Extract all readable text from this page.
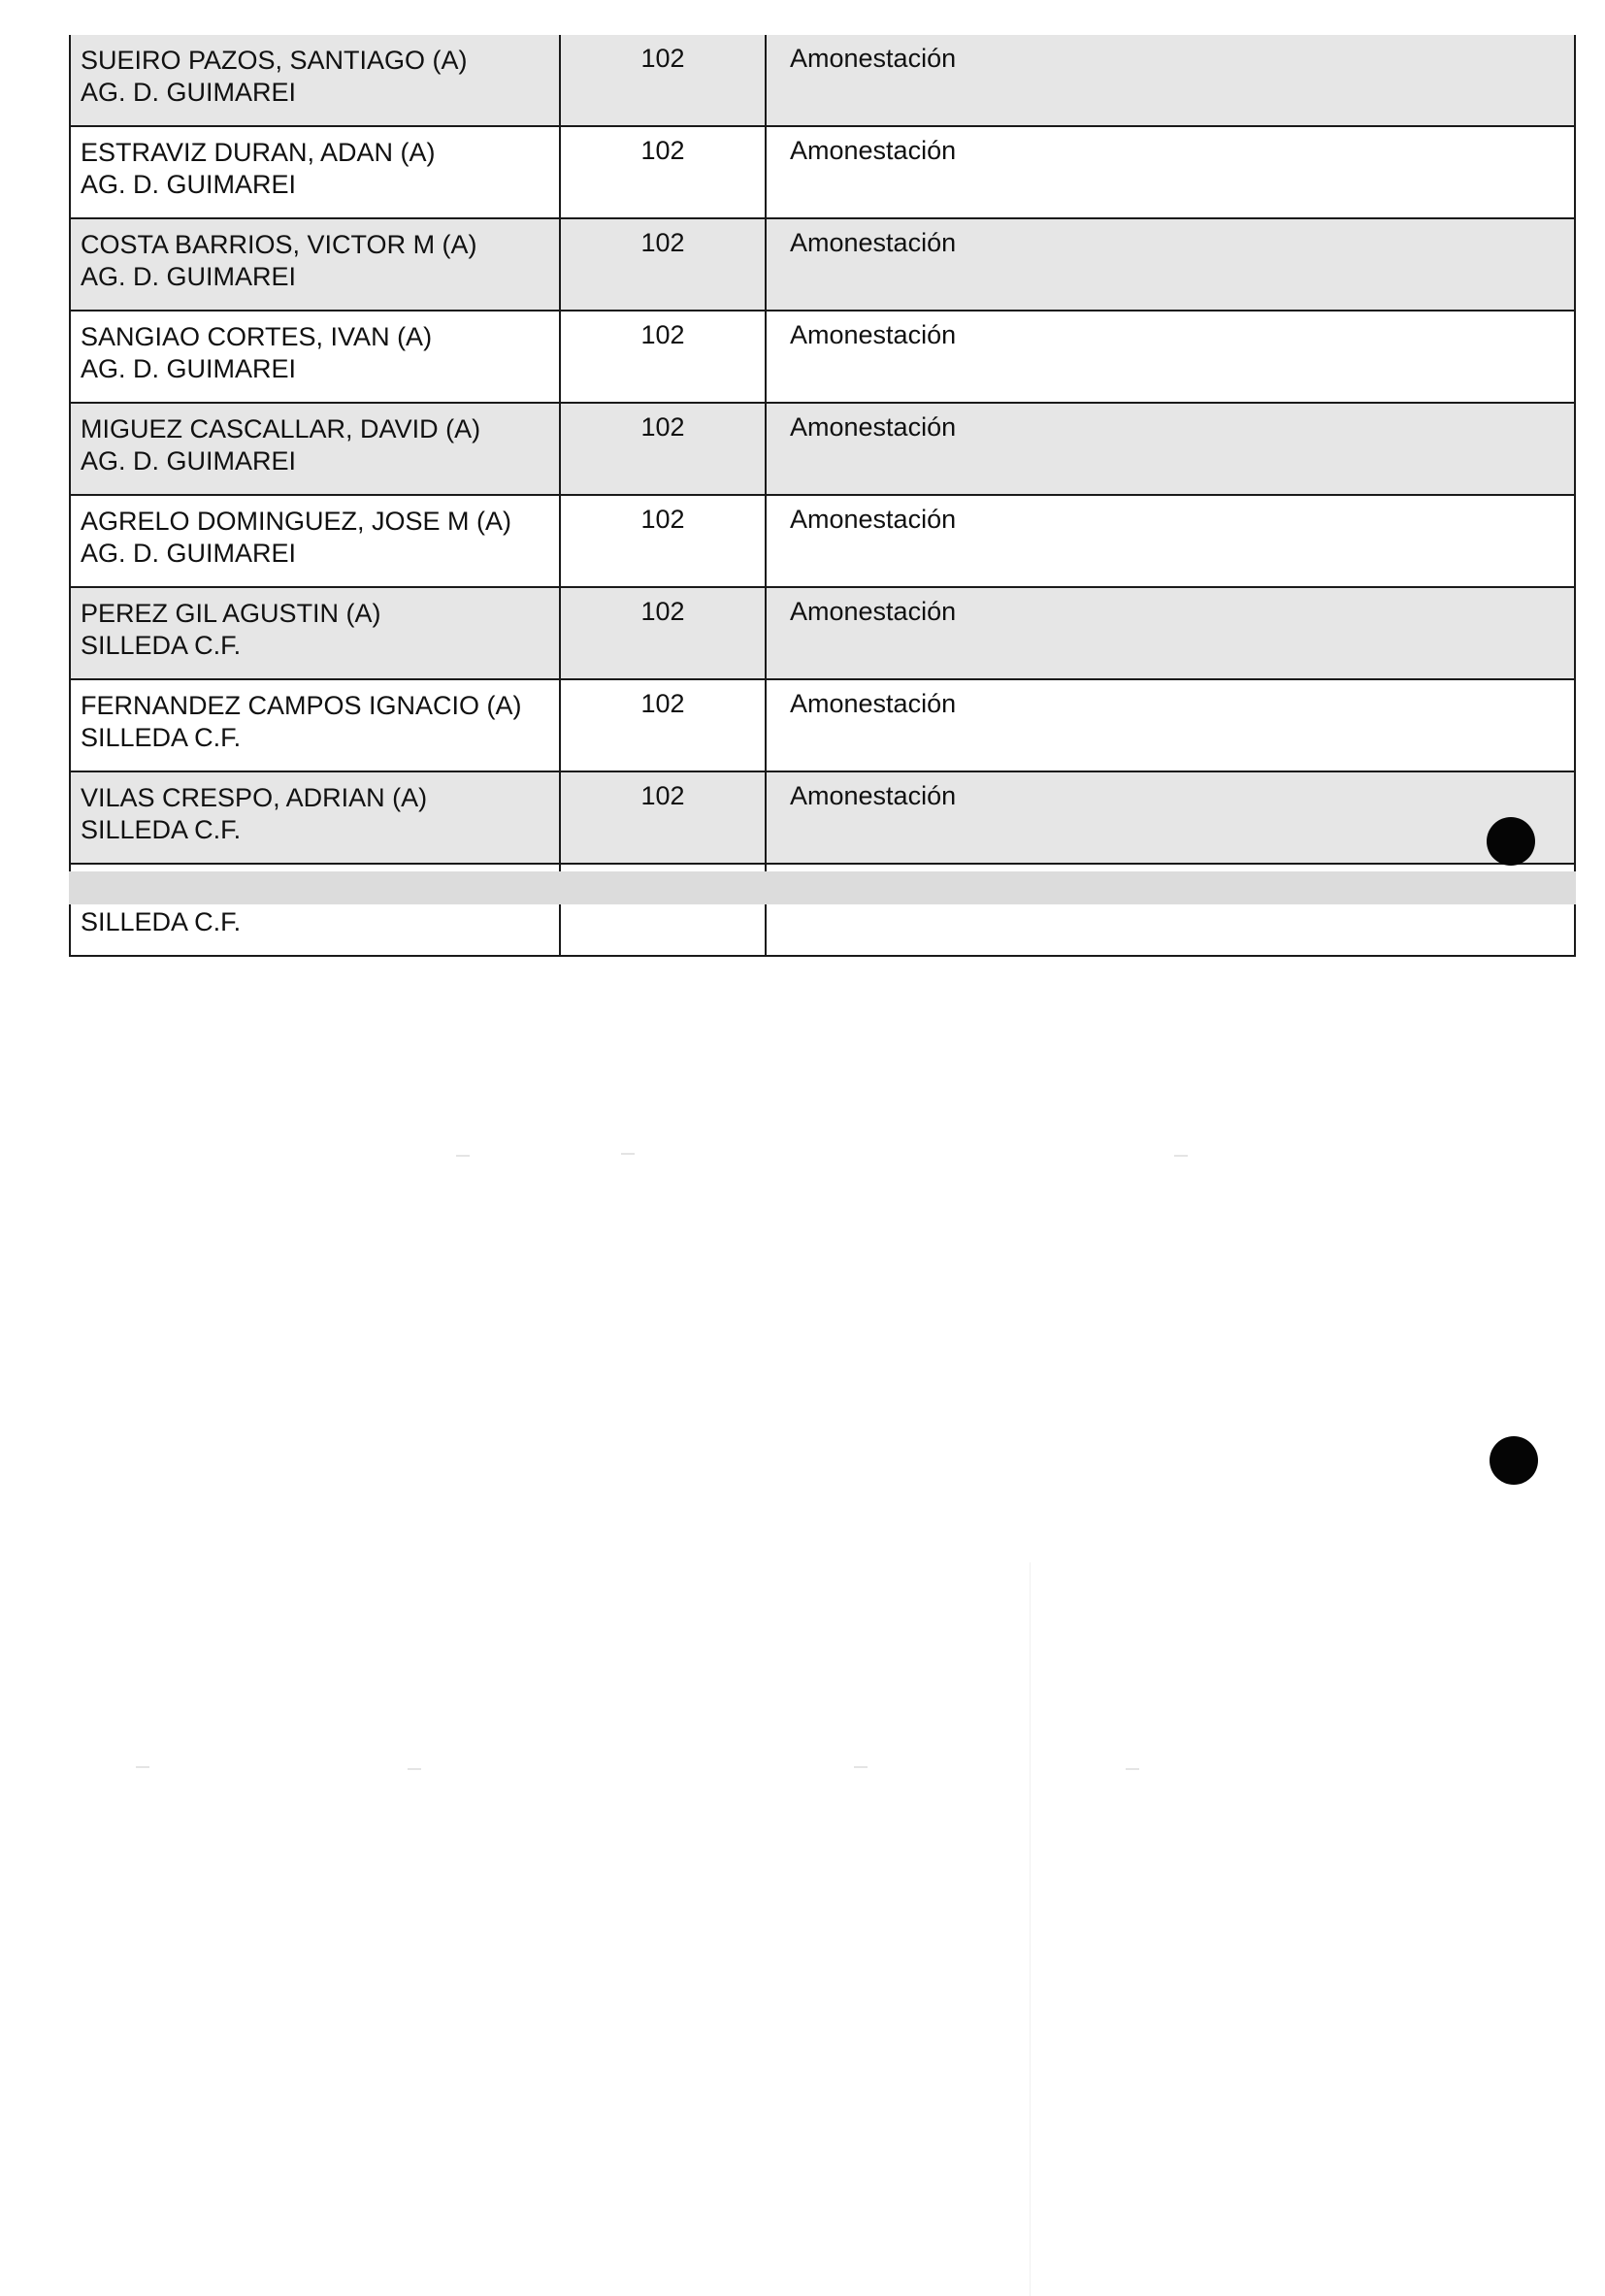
SUEIRO PAZOS, SANTIAGO (A)
AG. D. GUIMAREI	102	Amonestación

ESTRAVIZ DURAN, ADAN (A)
AG. D. GUIMAREI	102	Amonestación

COSTA BARRIOS, VICTOR M (A)
AG. D. GUIMAREI	102	Amonestación

SANGIAO CORTES, IVAN (A)
AG. D. GUIMAREI	102	Amonestación

MIGUEZ CASCALLAR, DAVID (A)
AG. D. GUIMAREI	102	Amonestación

AGRELO DOMINGUEZ, JOSE M (A)
AG. D. GUIMAREI	102	Amonestación

PEREZ GIL AGUSTIN (A)
SILLEDA C.F.	102	Amonestación

FERNANDEZ CAMPOS IGNACIO (A)
SILLEDA C.F.	102	Amonestación

VILAS CRESPO, ADRIAN (A)
SILLEDA C.F.	102	Amonestación

SILLEDA C.F.
